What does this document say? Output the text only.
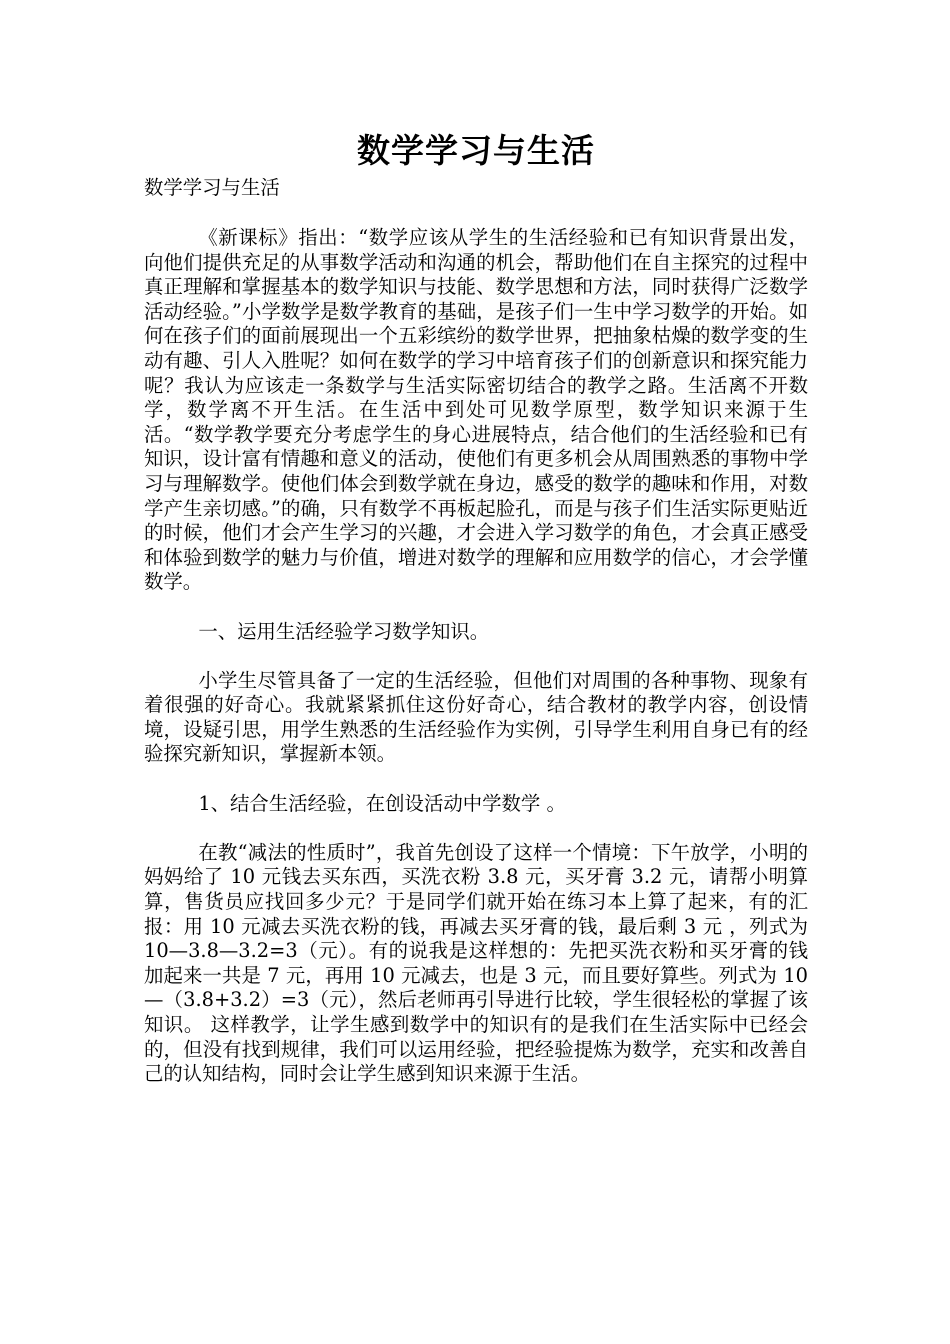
数学学习与生活

数学学习与生活

《新课标》指出：“数学应该从学生的生活经验和已有知识背景出发，向他们提供充足的从事数学活动和沟通的机会，帮助他们在自主探究的过程中真正理解和掌握基本的数学知识与技能、数学思想和方法，同时获得广泛数学活动经验。”小学数学是数学教育的基础，是孩子们一生中学习数学的开始。如何在孩子们的面前展现出一个五彩缤纷的数学世界，把抽象枯燥的数学变的生动有趣、引人入胜呢？如何在数学的学习中培育孩子们的创新意识和探究能力呢？我认为应该走一条数学与生活实际密切结合的教学之路。生活离不开数学，数学离不开生活。在生活中到处可见数学原型，数学知识来源于生活。“数学教学要充分考虑学生的身心进展特点，结合他们的生活经验和已有知识，设计富有情趣和意义的活动，使他们有更多机会从周围熟悉的事物中学习与理解数学。使他们体会到数学就在身边，感受的数学的趣味和作用，对数学产生亲切感。”的确，只有数学不再板起脸孔，而是与孩子们生活实际更贴近的时候，他们才会产生学习的兴趣，才会进入学习数学的角色，才会真正感受和体验到数学的魅力与价值，增进对数学的理解和应用数学的信心，才会学懂数学。

一、运用生活经验学习数学知识。

小学生尽管具备了一定的生活经验，但他们对周围的各种事物、现象有着很强的好奇心。我就紧紧抓住这份好奇心，结合教材的教学内容，创设情境，设疑引思，用学生熟悉的生活经验作为实例，引导学生利用自身已有的经验探究新知识，掌握新本领。

1、结合生活经验，在创设活动中学数学 。

在教“减法的性质时”，我首先创设了这样一个情境：下午放学，小明的妈妈给了 10 元钱去买东西，买洗衣粉 3.8 元，买牙膏 3.2 元，请帮小明算算，售货员应找回多少元？于是同学们就开始在练习本上算了起来，有的汇报：用 10 元减去买洗衣粉的钱，再减去买牙膏的钱，最后剩 3 元 ，列式为 10—3.8—3.2=3（元）。有的说我是这样想的：先把买洗衣粉和买牙膏的钱加起来一共是 7 元，再用 10 元减去，也是 3 元，而且要好算些。列式为 10—（3.8+3.2）=3（元），然后老师再引导进行比较，学生很轻松的掌握了该知识。 这样教学，让学生感到数学中的知识有的是我们在生活实际中已经会的，但没有找到规律，我们可以运用经验，把经验提炼为数学，充实和改善自己的认知结构，同时会让学生感到知识来源于生活。
